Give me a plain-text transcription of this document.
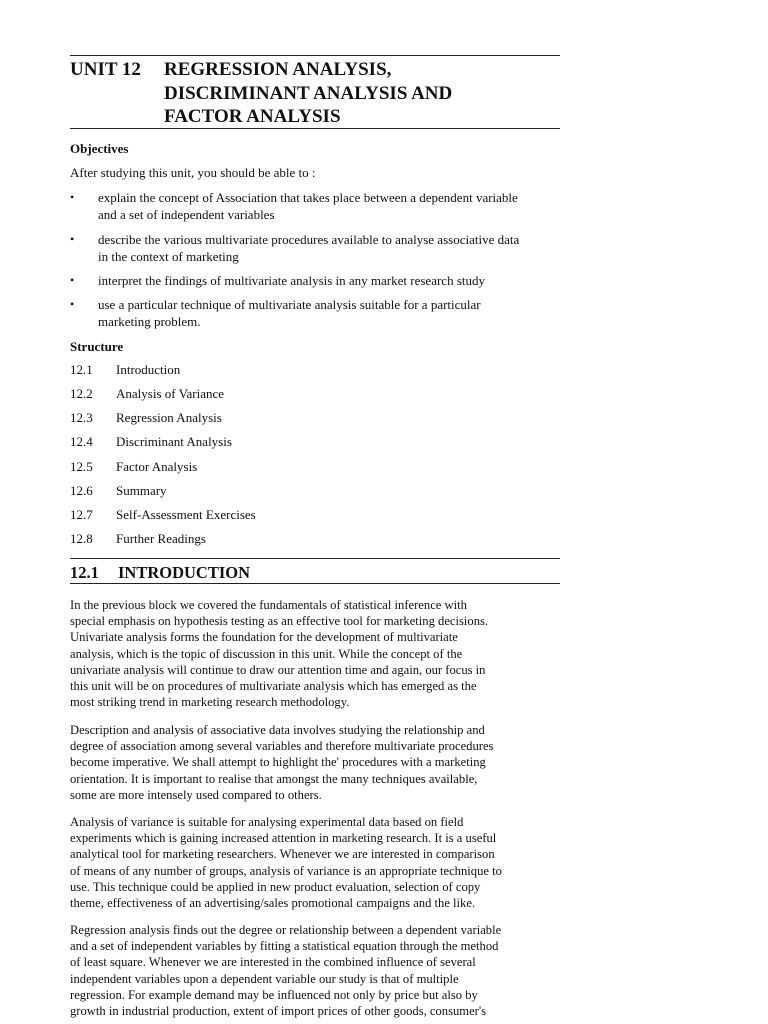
UNIT 12 REGRESSION ANALYSIS,
DISCRIMINANT ANALYSIS AND
FACTOR ANALYSIS
Objectives
After studying this unit, you should be able to :
• explain the concept of Association that takes place between a dependent variable
and a set of independent variables
• describe the various multivariate procedures available to analyse associative data
in the context of marketing
• interpret the findings of multivariate analysis in any market research study
• use a particular technique of multivariate analysis suitable for a particular
marketing problem.
Structure
12.1 Introduction
12.2 Analysis of Variance
12.3 Regression Analysis
12.4 Discriminant Analysis
12.5 Factor Analysis
12.6 Summary
12.7 Self-Assessment Exercises
12.8 Further Readings
12.1 INTRODUCTION
In the previous block we covered the fundamentals of statistical inference with
special emphasis on hypothesis testing as an effective tool for marketing decisions.
Univariate analysis forms the foundation for the development of multivariate
analysis, which is the topic of discussion in this unit. While the concept of the
univariate analysis will continue to draw our attention time and again, our focus in
this unit will be on procedures of multivariate analysis which has emerged as the
most striking trend in marketing research methodology.
Description and analysis of associative data involves studying the relationship and
degree of association among several variables and therefore multivariate procedures
become imperative. We shall attempt to highlight the' procedures with a marketing
orientation. It is important to realise that amongst the many techniques available,
some are more intensely used compared to others.
Analysis of variance is suitable for analysing experimental data based on field
experiments which is gaining increased attention in marketing research. It is a useful
analytical tool for marketing researchers. Whenever we are interested in comparison
of means of any number of groups, analysis of variance is an appropriate technique to
use. This technique could be applied in new product evaluation, selection of copy
theme, effectiveness of an advertising/sales promotional campaigns and the like.
Regression analysis finds out the degree or relationship between a dependent variable
and a set of independent variables by fitting a statistical equation through the method
of least square. Whenever we are interested in the combined influence of several
independent variables upon a dependent variable our study is that of multiple
regression. For example demand may be influenced not only by price but also by
growth in industrial production, extent of import prices of other goods, consumer's
